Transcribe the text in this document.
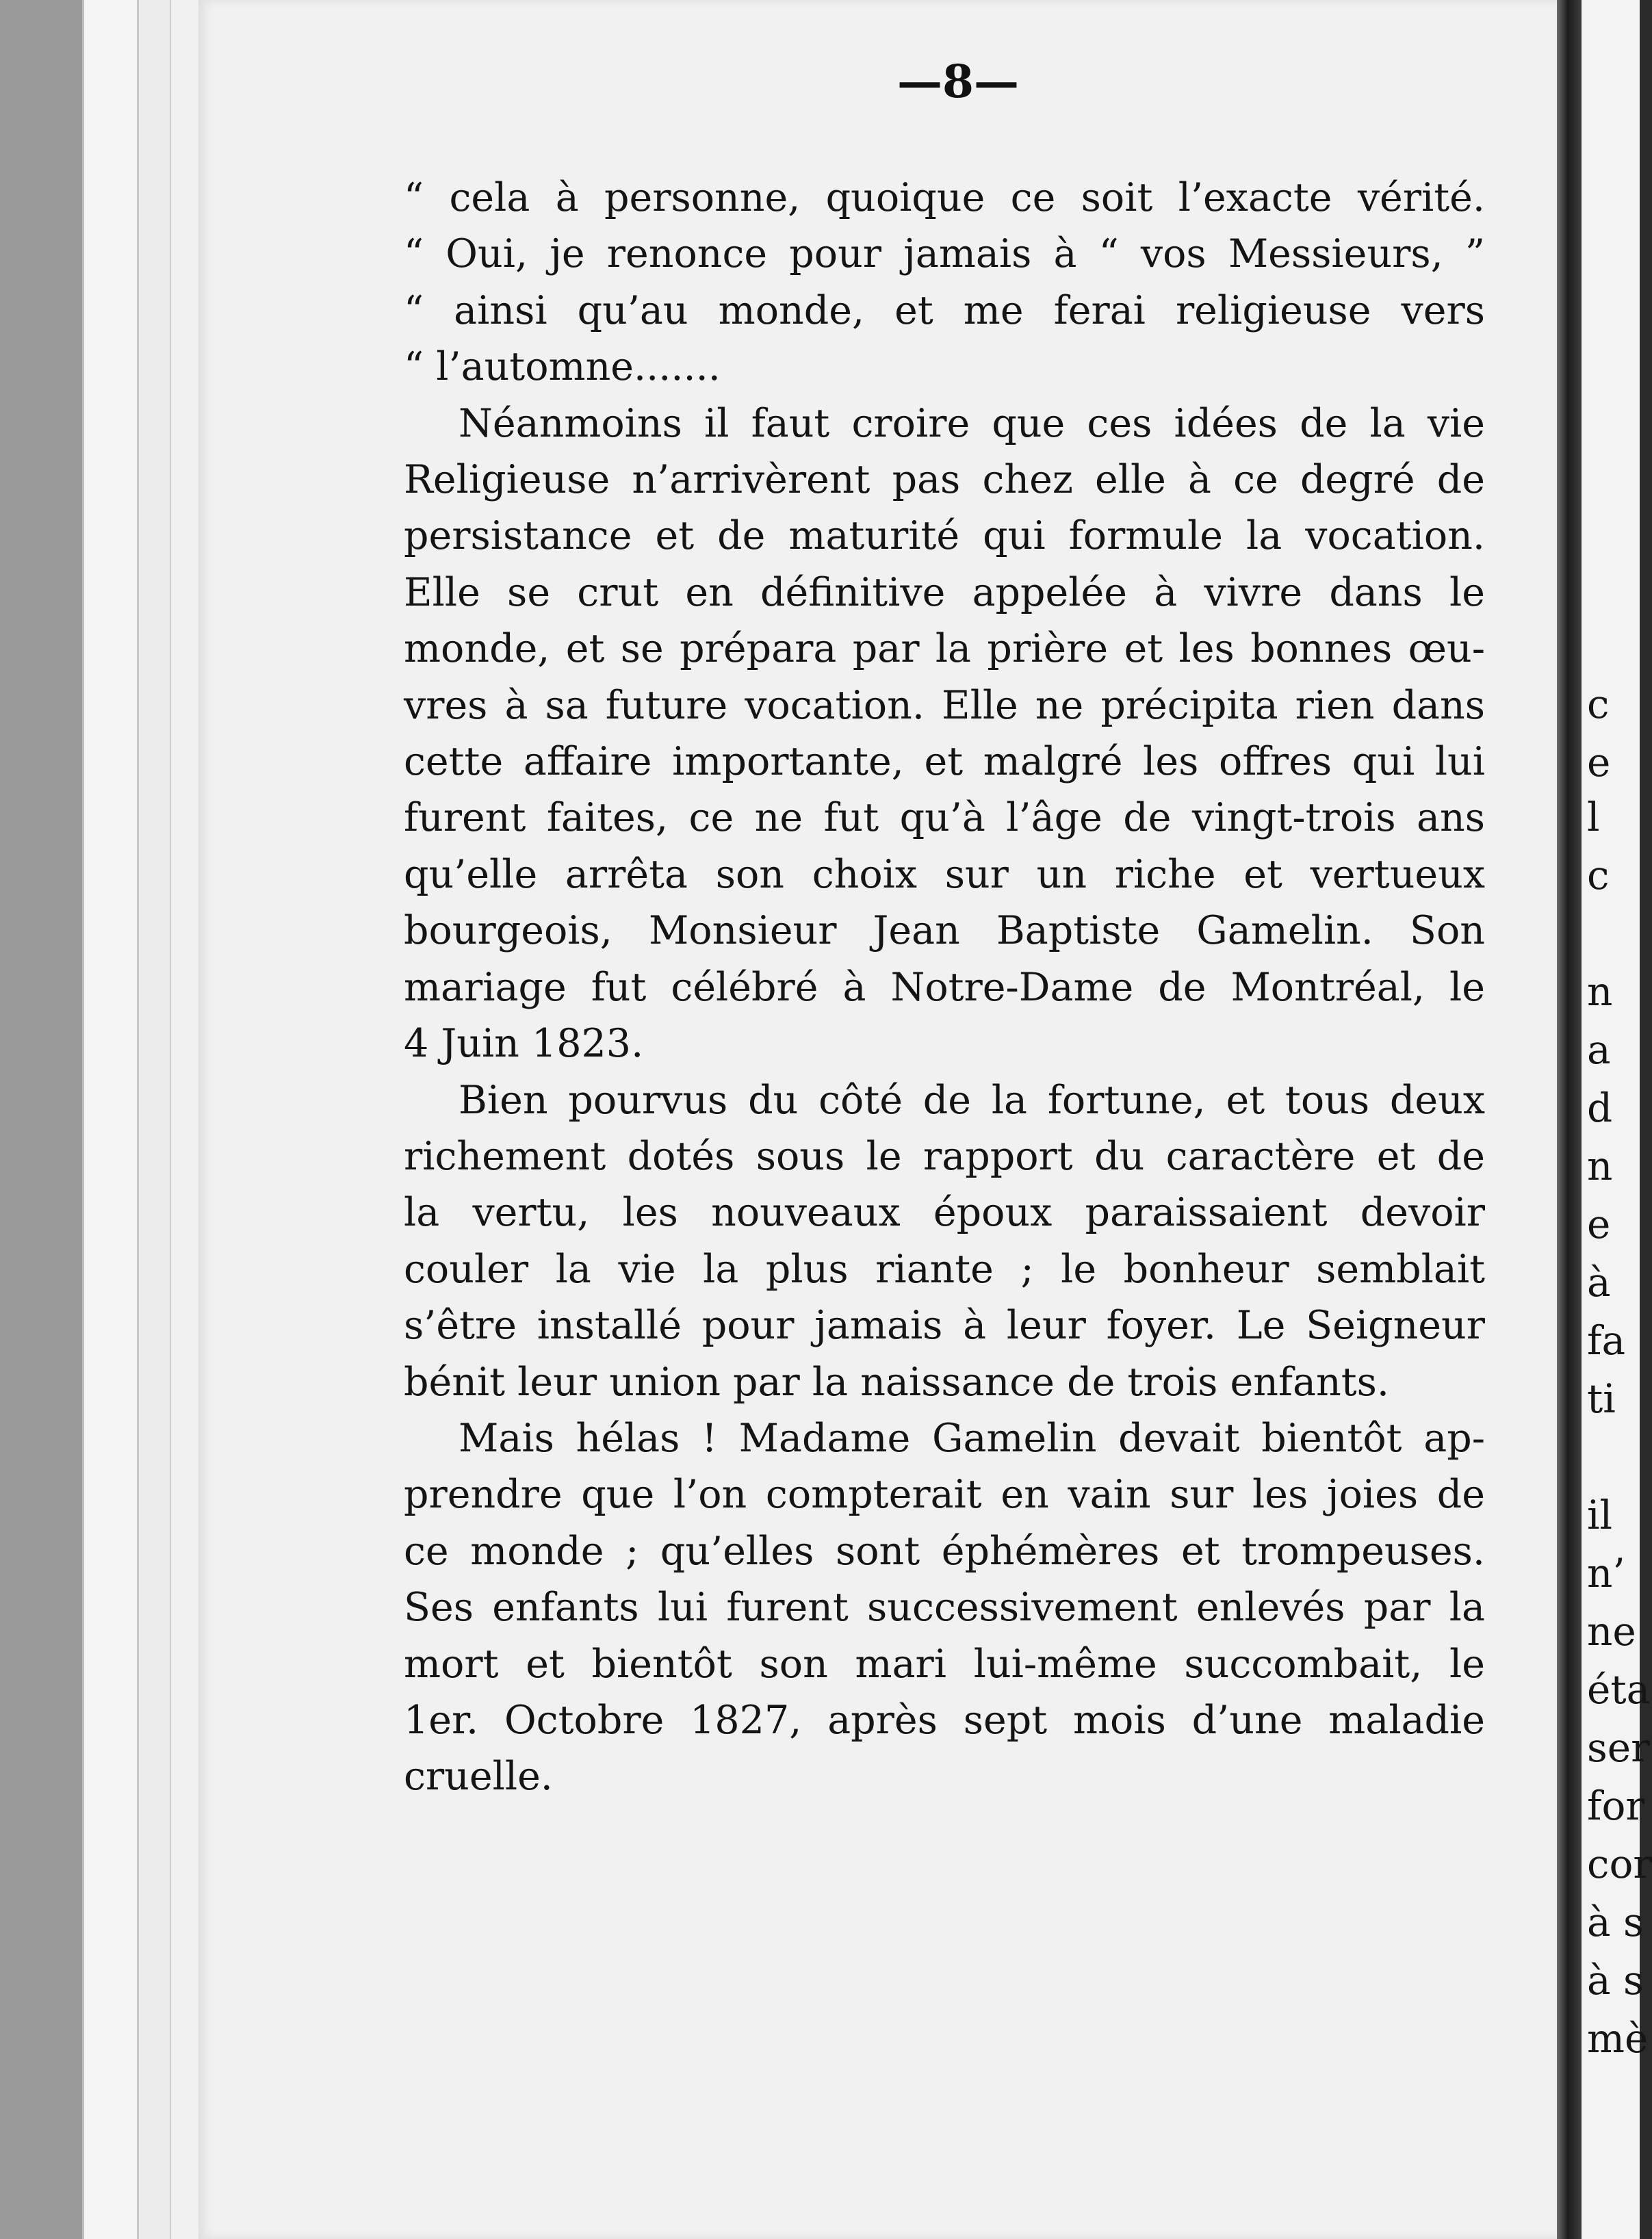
—8—
“ cela à personne, quoique ce soit l’exacte vérité.
“ Oui, je renonce pour jamais à “ vos Messieurs, ”
“ ainsi qu’au monde, et me ferai religieuse vers
“ l’automne.......
Néanmoins il faut croire que ces idées de la vie
Religieuse n’arrivèrent pas chez elle à ce degré de
persistance et de maturité qui formule la vocation.
Elle se crut en définitive appelée à vivre dans le
monde, et se prépara par la prière et les bonnes œu-
vres à sa future vocation. Elle ne précipita rien dans
cette affaire importante, et malgré les offres qui lui
furent faites, ce ne fut qu’à l’âge de vingt-trois ans
qu’elle arrêta son choix sur un riche et vertueux
bourgeois, Monsieur Jean Baptiste Gamelin. Son
mariage fut célébré à Notre-Dame de Montréal, le
4 Juin 1823.
Bien pourvus du côté de la fortune, et tous deux
richement dotés sous le rapport du caractère et de
la vertu, les nouveaux époux paraissaient devoir
couler la vie la plus riante ; le bonheur semblait
s’être installé pour jamais à leur foyer. Le Seigneur
bénit leur union par la naissance de trois enfants.
Mais hélas ! Madame Gamelin devait bientôt ap-
prendre que l’on compterait en vain sur les joies de
ce monde ; qu’elles sont éphémères et trompeuses.
Ses enfants lui furent successivement enlevés par la
mort et bientôt son mari lui-même succombait, le
1er. Octobre 1827, après sept mois d’une maladie
cruelle.
c
e
l
c
n
a
d
n
e
à
fa
ti
il
n’
ne
éta
ser
for
cor
à s
à s
mè
